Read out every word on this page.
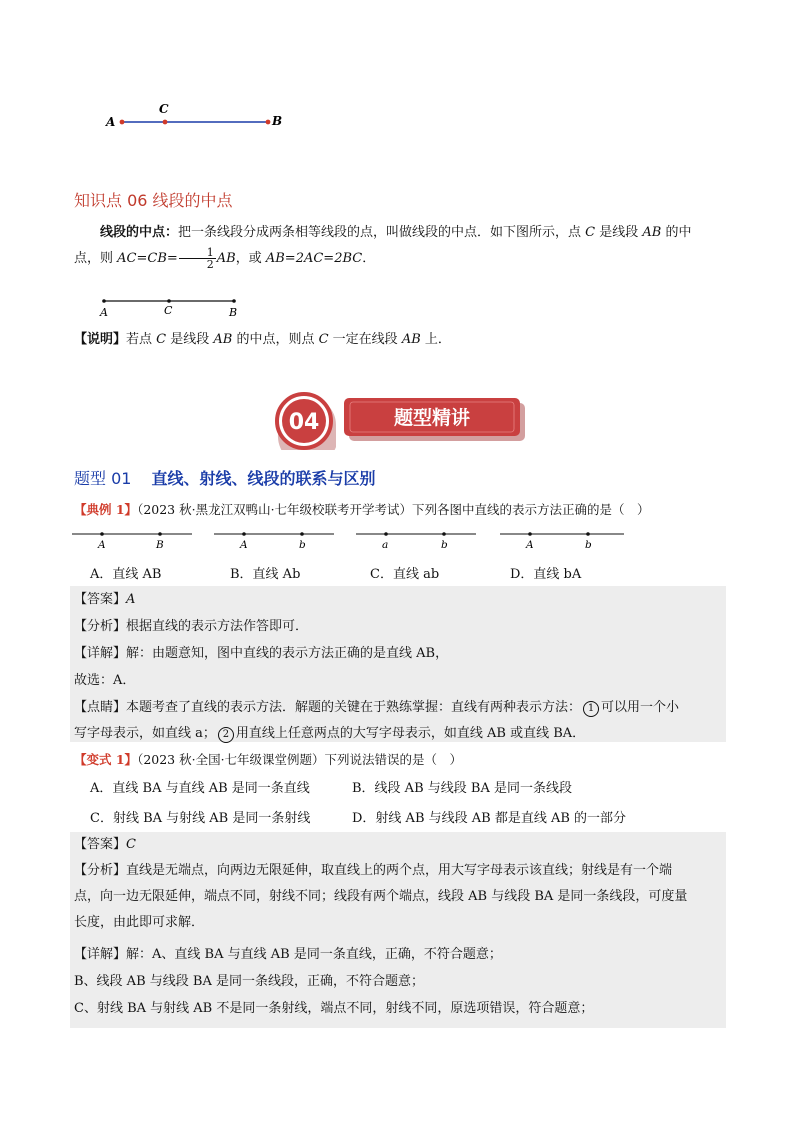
A
C
B
知识点 06 线段的中点
线段的中点：把一条线段分成两条相等线段的点，叫做线段的中点．如下图所示，点 C 是线段 AB 的中
点，则 $AC=CB= \frac{1}{2}$ AB，或 AB=2AC=2BC．
A	C	B
【说明】若点 C 是线段 AB 的中点，则点 C 一定在线段 AB 上．
04	题型精讲
题型 01 直线、射线、线段的联系与区别
【典例 1】（2023 秋·黑龙江双鸭山·七年级校联考开学考试）下列各图中直线的表示方法正确的是（　）
A	B	A	b	a	b	A	b
A．直线 AB	B．直线 Ab	C．直线 ab	D．直线 bA
【答案】A
【分析】根据直线的表示方法作答即可．
【详解】解：由题意知，图中直线的表示方法正确的是直线 AB，
故选：A．
【点睛】本题考查了直线的表示方法．解题的关键在于熟练掌握：直线有两种表示方法： 1 可以用一个小
写字母表示，如直线 a； 2 用直线上任意两点的大写字母表示，如直线 AB 或直线 BA．
【变式 1】（2023 秋·全国·七年级课堂例题）下列说法错误的是（　）
A．直线 BA 与直线 AB 是同一条直线	B．线段 AB 与线段 BA 是同一条线段
C．射线 BA 与射线 AB 是同一条射线	D．射线 AB 与线段 AB 都是直线 AB 的一部分
【答案】C
【分析】直线是无端点，向两边无限延伸，取直线上的两个点，用大写字母表示该直线；射线是有一个端
点，向一边无限延伸，端点不同，射线不同；线段有两个端点，线段 AB 与线段 BA 是同一条线段，可度量
长度，由此即可求解．
【详解】解：A、直线 BA 与直线 AB 是同一条直线，正确，不符合题意；
B、线段 AB 与线段 BA 是同一条线段，正确，不符合题意；
C、射线 BA 与射线 AB 不是同一条射线，端点不同，射线不同，原选项错误，符合题意；
